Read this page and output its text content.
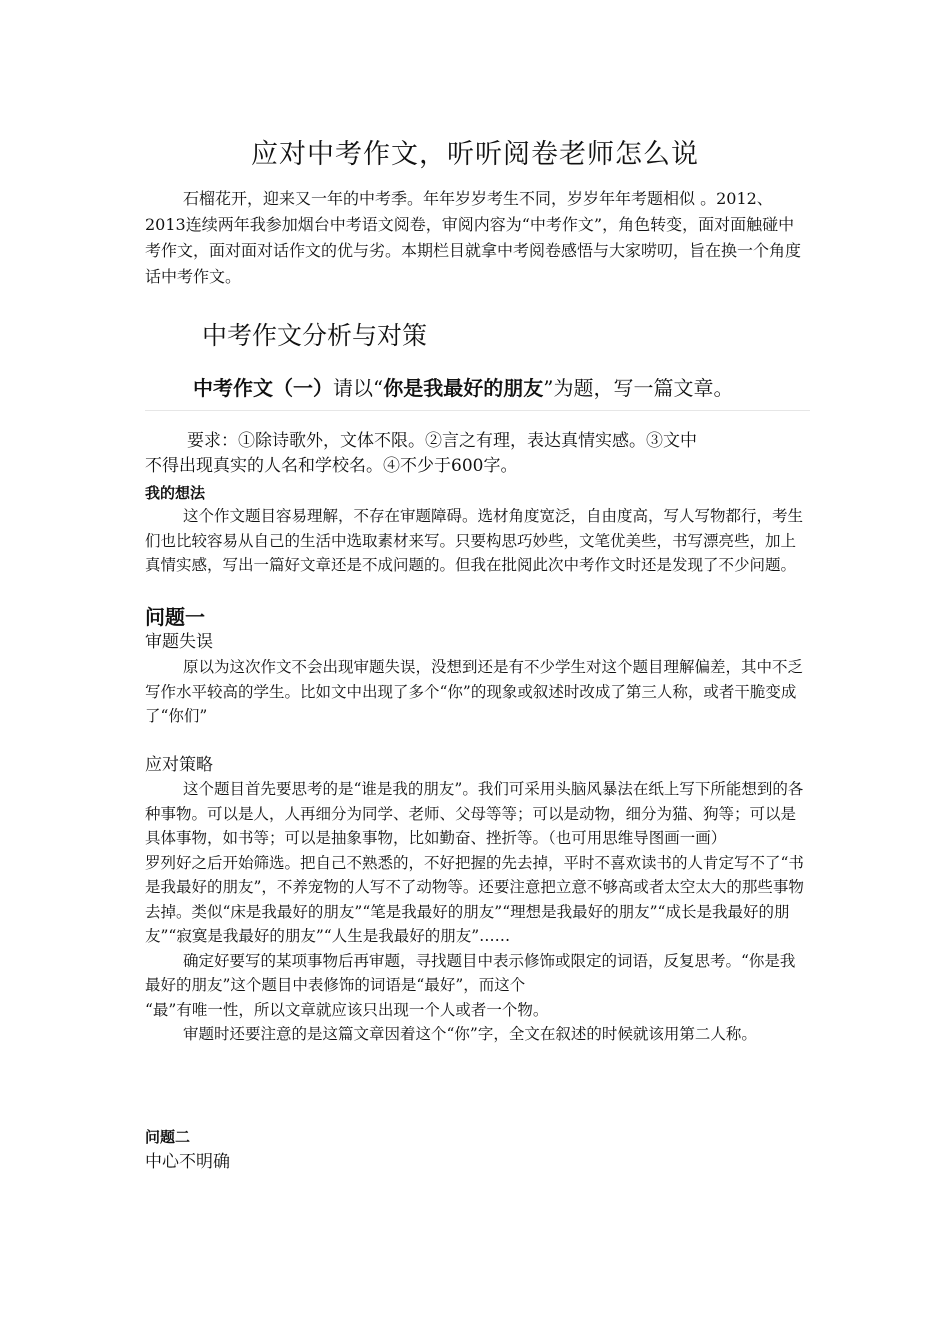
应对中考作文，听听阅卷老师怎么说

石榴花开，迎来又一年的中考季。年年岁岁考生不同，岁岁年年考题相似 。2012、2013连续两年我参加烟台中考语文阅卷，审阅内容为“中考作文”，角色转变，面对面触碰中考作文，面对面对话作文的优与劣。本期栏目就拿中考阅卷感悟与大家唠叨，旨在换一个角度话中考作文。

中考作文分析与对策
中考作文（一）请以“你是我最好的朋友”为题，写一篇文章。

要求：①除诗歌外，文体不限。②言之有理，表达真情实感。③文中

不得出现真实的人名和学校名。④不少于600字。

我的想法

这个作文题目容易理解，不存在审题障碍。选材角度宽泛，自由度高，写人写物都行，考生们也比较容易从自己的生活中选取素材来写。只要构思巧妙些，文笔优美些，书写漂亮些，加上真情实感，写出一篇好文章还是不成问题的。但我在批阅此次中考作文时还是发现了不少问题。

问题一

审题失误

原以为这次作文不会出现审题失误，没想到还是有不少学生对这个题目理解偏差，其中不乏写作水平较高的学生。比如文中出现了多个“你”的现象或叙述时改成了第三人称，或者干脆变成了“你们”

应对策略

这个题目首先要思考的是“谁是我的朋友”。我们可采用头脑风暴法在纸上写下所能想到的各种事物。可以是人，人再细分为同学、老师、父母等等；可以是动物，细分为猫、狗等；可以是具体事物，如书等；可以是抽象事物，比如勤奋、挫折等。（也可用思维导图画一画）

罗列好之后开始筛选。把自己不熟悉的，不好把握的先去掉，平时不喜欢读书的人肯定写不了“书是我最好的朋友”，不养宠物的人写不了动物等。还要注意把立意不够高或者太空太大的那些事物去掉。类似“床是我最好的朋友”“笔是我最好的朋友”“理想是我最好的朋友”“成长是我最好的朋友”“寂寞是我最好的朋友”“人生是我最好的朋友”……

确定好要写的某项事物后再审题，寻找题目中表示修饰或限定的词语，反复思考。“你是我最好的朋友”这个题目中表修饰的词语是“最好”，而这个

“最”有唯一性，所以文章就应该只出现一个人或者一个物。

审题时还要注意的是这篇文章因着这个“你”字，全文在叙述的时候就该用第二人称。

问题二

中心不明确
